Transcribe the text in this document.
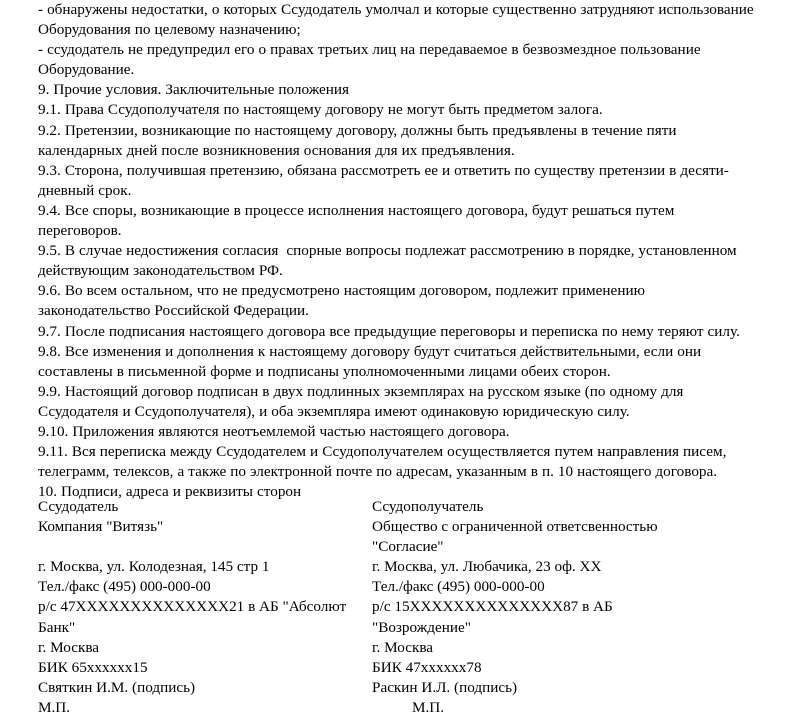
- обнаружены недостатки, о которых Ссудодатель умолчал и которые существенно затрудняют использование Оборудования по целевому назначению;

- ссудодатель не предупредил его о правах третьих лиц на передаваемое в безвозмездное пользование Оборудование.

9. Прочие условия. Заключительные положения

9.1. Права Ссудополучателя по настоящему договору не могут быть предметом залога.

9.2. Претензии, возникающие по настоящему договору, должны быть предъявлены в течение пяти календарных дней после возникновения основания для их предъявления.

9.3. Сторона, получившая претензию, обязана рассмотреть ее и ответить по существу претензии в десяти-дневный срок.

9.4. Все споры, возникающие в процессе исполнения настоящего договора, будут решаться путем переговоров.

9.5. В случае недостижения согласия  спорные вопросы подлежат рассмотрению в порядке, установленном действующим законодательством РФ.

9.6. Во всем остальном, что не предусмотрено настоящим договором, подлежит применению законодательство Российской Федерации.

9.7. После подписания настоящего договора все предыдущие переговоры и переписка по нему теряют силу.

9.8. Все изменения и дополнения к настоящему договору будут считаться действительными, если они составлены в письменной форме и подписаны уполномоченными лицами обеих сторон.

9.9. Настоящий договор подписан в двух подлинных экземплярах на русском языке (по одному для Ссудодателя и Ссудополучателя), и оба экземпляра имеют одинаковую юридическую силу.

9.10. Приложения являются неотъемлемой частью настоящего договора.

9.11. Вся переписка между Ссудодателем и Ссудополучателем осуществляется путем направления писем, телеграмм, телексов, а также по электронной почте по адресам, указанным в п. 10 настоящего договора.

10. Подписи, адреса и реквизиты сторон

Ссудодатель
Компания "Витязь"
г. Москва, ул. Колодезная, 145 стр 1
Тел./факс (495) 000-000-00
р/с 47XXXXXXXXXXXXXX21 в АБ "Абсолют
Банк"
г. Москва
БИК 65xxxxxx15
Святкин И.М. (подпись)
М.П.
Ссудополучатель
Общество с ограниченной ответсвенностью
"Согласие"
г. Москва, ул. Любачика, 23 оф. XX
Тел./факс (495) 000-000-00
р/с 15XXXXXXXXXXXXXX87 в АБ
"Возрождение"
г. Москва
БИК 47xxxxxx78
Раскин И.Л. (подпись)
М.П.
